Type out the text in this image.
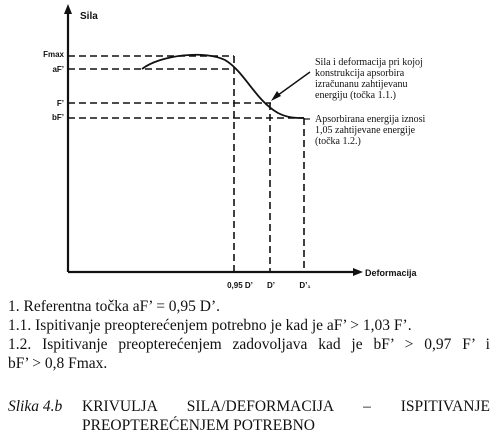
Sila
Deformacija
Fmax
aF’
F’
bF’
0,95 D’ D’	D’₁
Sila i deformacija pri kojoj konstrukcija apsorbira izračunanu zahtijevanu energiju (točka 1.1.)
Apsorbirana energija iznosi 1,05 zahtijevane energije (točka 1.2.)
1. Referentna točka aF’ = 0,95 D’.
1.1. Ispitivanje preopterećenjem potrebno je kad je aF’ > 1,03 F’.
1.2. Ispitivanje preopterećenjem zadovoljava kad je bF’ > 0,97 F’ i
bF’ > 0,8 Fmax.
Slika 4.b KRIVULJA SILA/DEFORMACIJA – ISPITIVANJE PREOPTEREĆENJEM POTREBNO
